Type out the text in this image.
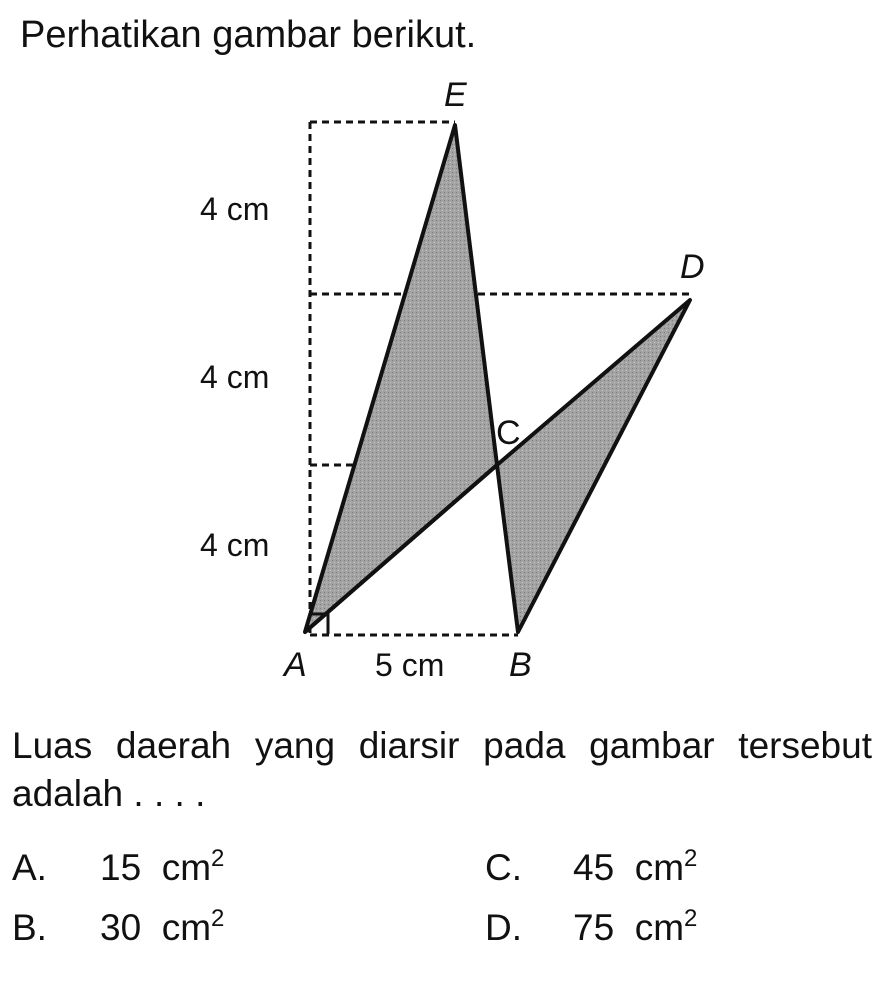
Perhatikan gambar berikut.
E
D
C
A	B
4 cm
4 cm
4 cm
5 cm
Luas daerah yang diarsir pada gambar tersebut adalah . . . .
A. 15 $cm^2$
B. 30 $cm^2$
C. 45 $cm^2$
D. 75 $cm^2$
